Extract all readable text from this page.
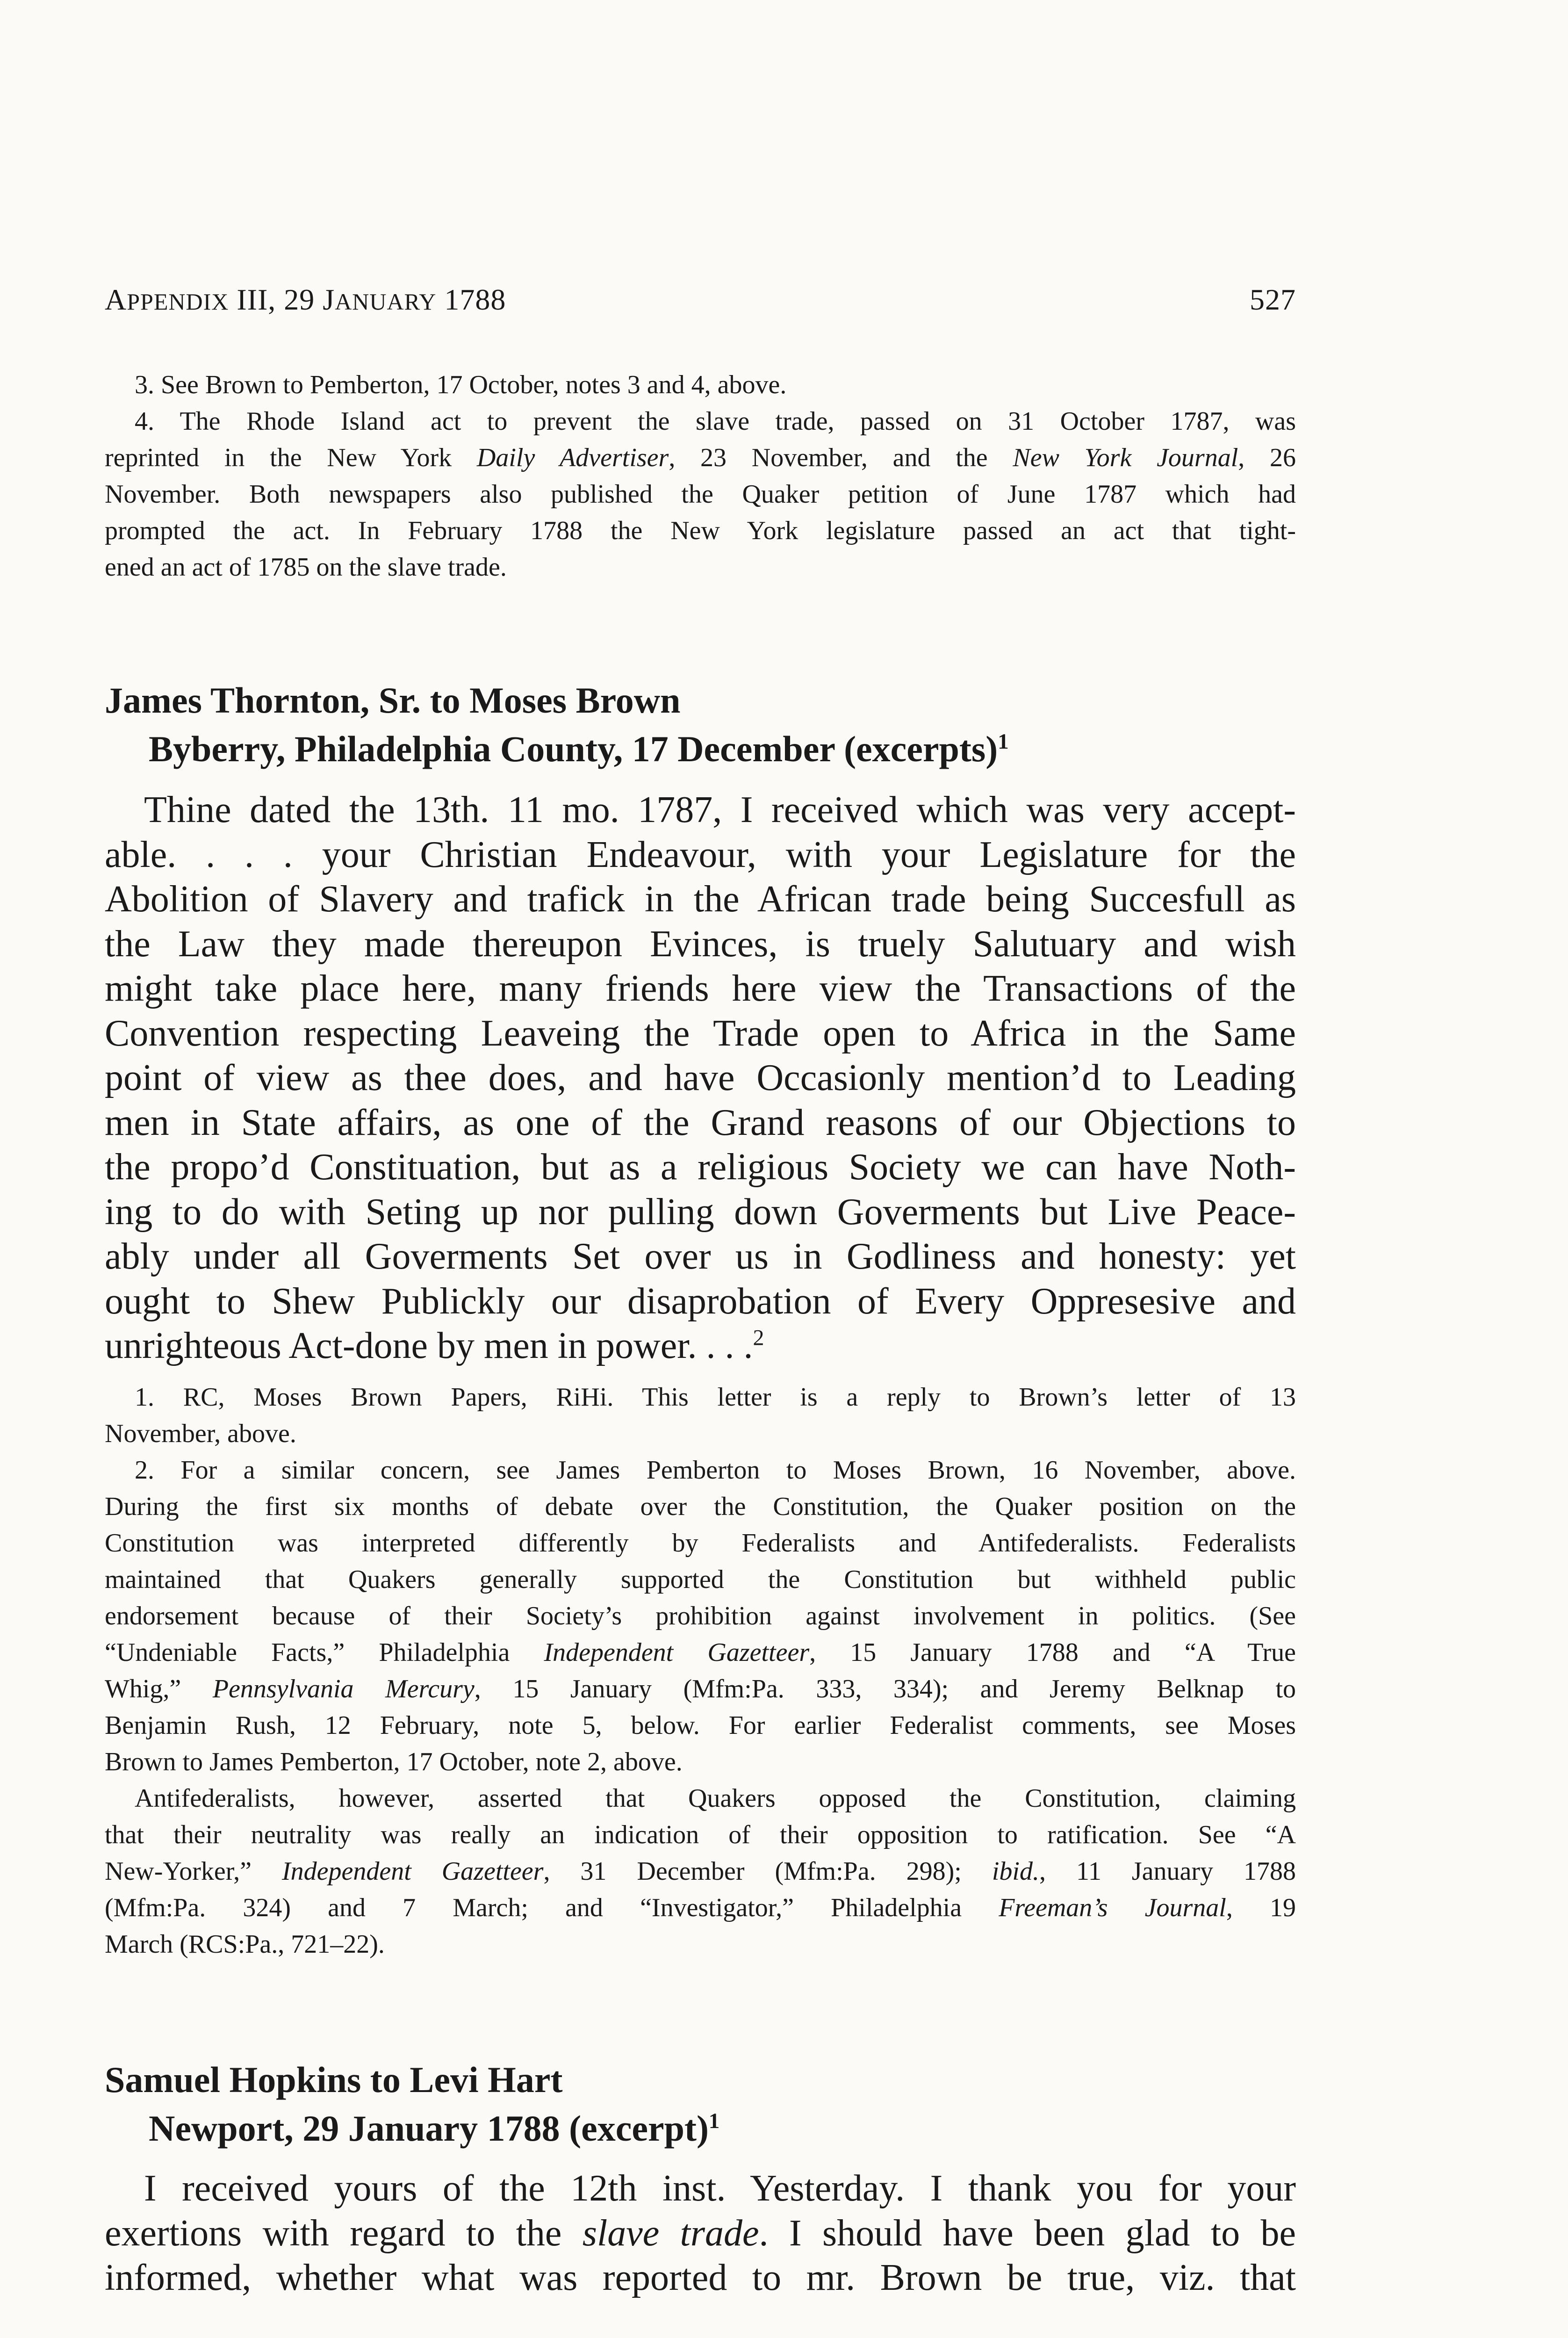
APPENDIX III, 29 JANUARY 1788	527
3. See Brown to Pemberton, 17 October, notes 3 and 4, above.
4. The Rhode Island act to prevent the slave trade, passed on 31 October 1787, was
reprinted in the New York Daily Advertiser, 23 November, and the New York Journal, 26
November. Both newspapers also published the Quaker petition of June 1787 which had
prompted the act. In February 1788 the New York legislature passed an act that tight-
ened an act of 1785 on the slave trade.
James Thornton, Sr. to Moses Brown
Byberry, Philadelphia County, 17 December (excerpts)$^1$
Thine dated the 13th. 11 mo. 1787, I received which was very accept-
able. . . . your Christian Endeavour, with your Legislature for the
Abolition of Slavery and trafick in the African trade being Succesfull as
the Law they made thereupon Evinces, is truely Salutuary and wish
might take place here, many friends here view the Transactions of the
Convention respecting Leaveing the Trade open to Africa in the Same
point of view as thee does, and have Occasionly mention’d to Leading
men in State affairs, as one of the Grand reasons of our Objections to
the propo’d Constituation, but as a religious Society we can have Noth-
ing to do with Seting up nor pulling down Goverments but Live Peace-
ably under all Goverments Set over us in Godliness and honesty: yet
ought to Shew Publickly our disaprobation of Every Oppresesive and
unrighteous Act-done by men in power. . . .$^2$
1. RC, Moses Brown Papers, RiHi. This letter is a reply to Brown’s letter of 13
November, above.
2. For a similar concern, see James Pemberton to Moses Brown, 16 November, above.
During the first six months of debate over the Constitution, the Quaker position on the
Constitution was interpreted differently by Federalists and Antifederalists. Federalists
maintained that Quakers generally supported the Constitution but withheld public
endorsement because of their Society’s prohibition against involvement in politics. (See
“Undeniable Facts,” Philadelphia Independent Gazetteer, 15 January 1788 and “A True
Whig,” Pennsylvania Mercury, 15 January (Mfm:Pa. 333, 334); and Jeremy Belknap to
Benjamin Rush, 12 February, note 5, below. For earlier Federalist comments, see Moses
Brown to James Pemberton, 17 October, note 2, above.
Antifederalists, however, asserted that Quakers opposed the Constitution, claiming
that their neutrality was really an indication of their opposition to ratification. See “A
New-Yorker,” Independent Gazetteer, 31 December (Mfm:Pa. 298); ibid., 11 January 1788
(Mfm:Pa. 324) and 7 March; and “Investigator,” Philadelphia Freeman’s Journal, 19
March (RCS:Pa., 721–22).
Samuel Hopkins to Levi Hart
Newport, 29 January 1788 (excerpt)$^1$
I received yours of the 12th inst. Yesterday. I thank you for your
exertions with regard to the slave trade. I should have been glad to be
informed, whether what was reported to mr. Brown be true, viz. that
